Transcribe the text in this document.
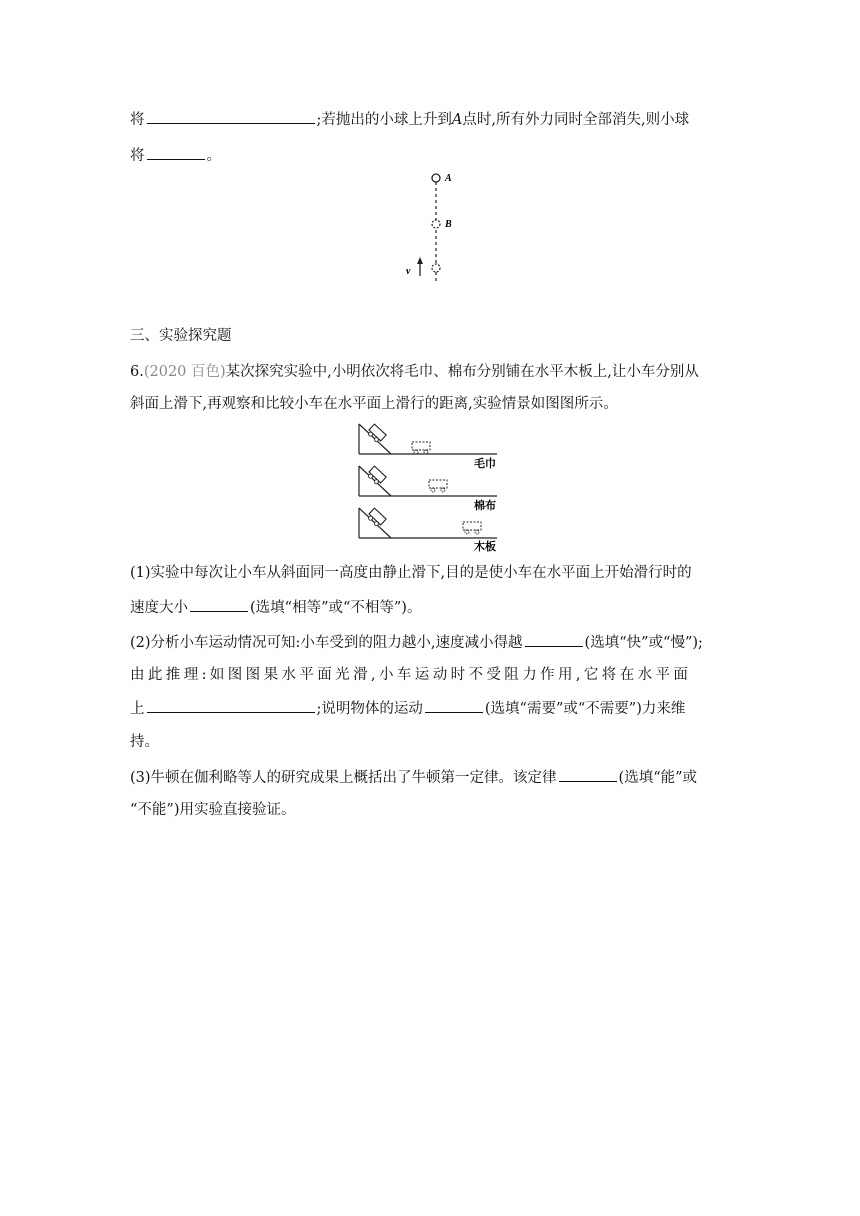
将	;若抛出的小球上升到A点时,所有外力同时全部消失,则小球
将	。
A
B
v
三、实验探究题
6.(2020 百色)某次探究实验中,小明依次将毛巾、棉布分别铺在水平木板上,让小车分别从
斜面上滑下,再观察和比较小车在水平面上滑行的距离,实验情景如图图所示。
毛巾
棉布
木板
(1)实验中每次让小车从斜面同一高度由静止滑下,目的是使小车在水平面上开始滑行时的
速度大小	(选填“相等”或“不相等”)。
(2)分析小车运动情况可知:小车受到的阻力越小,速度减小得越	(选填“快”或“慢”);
由此推理:如图图果水平面光滑,小车运动时不受阻力作用,它将在水平面
上	;说明物体的运动	(选填“需要”或“不需要”)力来维
持。
(3)牛顿在伽利略等人的研究成果上概括出了牛顿第一定律。该定律	(选填“能”或
“不能”)用实验直接验证。
